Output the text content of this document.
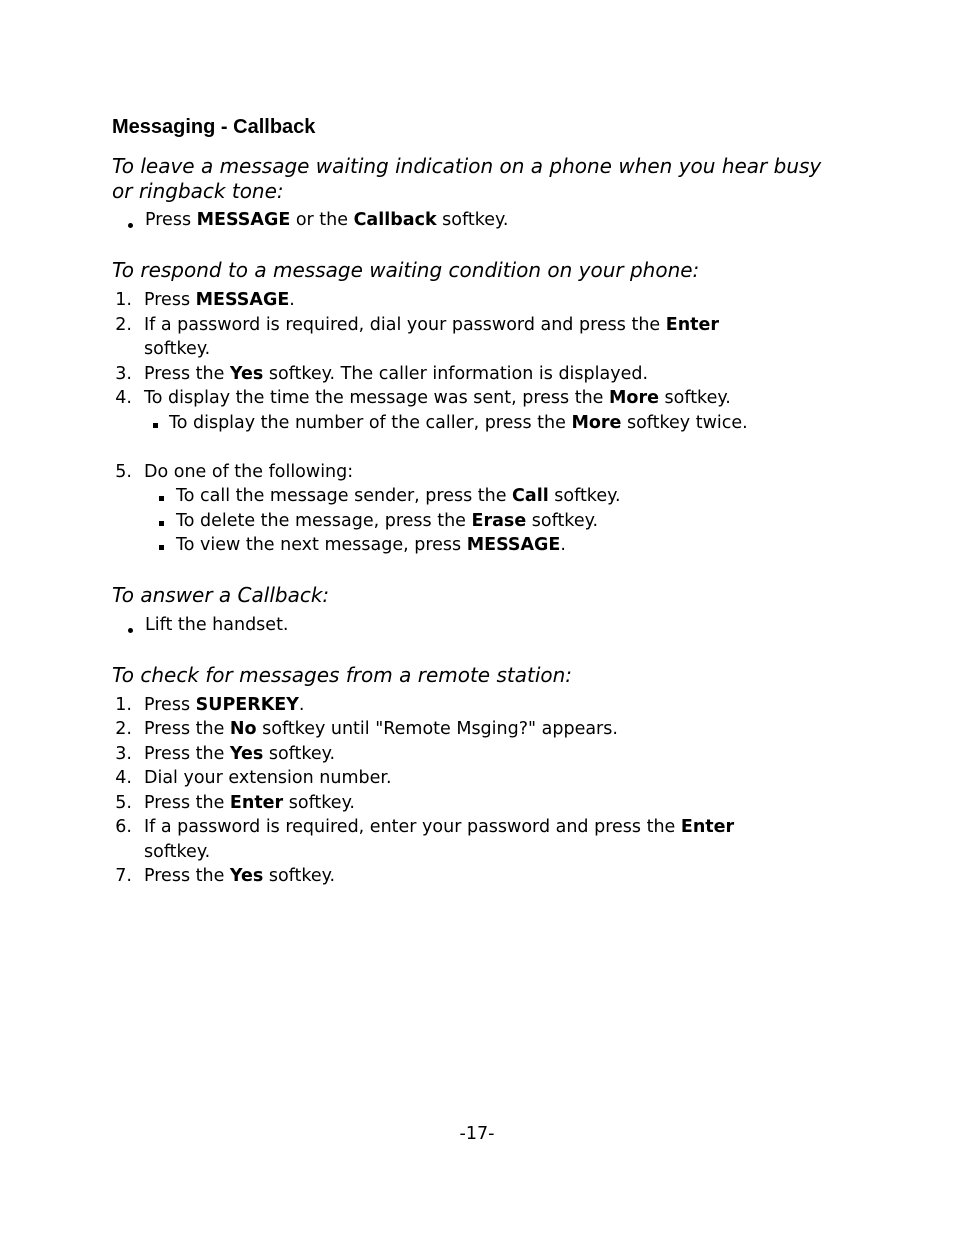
Messaging - Callback
To leave a message waiting indication on a phone when you hear busy
or ringback tone:
Press MESSAGE or the Callback softkey.
To respond to a message waiting condition on your phone:
1. Press MESSAGE.
2. If a password is required, dial your password and press the Enter
softkey.
3. Press the Yes softkey. The caller information is displayed.
4. To display the time the message was sent, press the More softkey.
To display the number of the caller, press the More softkey twice.
5. Do one of the following:
To call the message sender, press the Call softkey.
To delete the message, press the Erase softkey.
To view the next message, press MESSAGE.
To answer a Callback:
Lift the handset.
To check for messages from a remote station:
1. Press SUPERKEY.
2. Press the No softkey until "Remote Msging?" appears.
3. Press the Yes softkey.
4. Dial your extension number.
5. Press the Enter softkey.
6. If a password is required, enter your password and press the Enter
softkey.
7. Press the Yes softkey.
-17-
